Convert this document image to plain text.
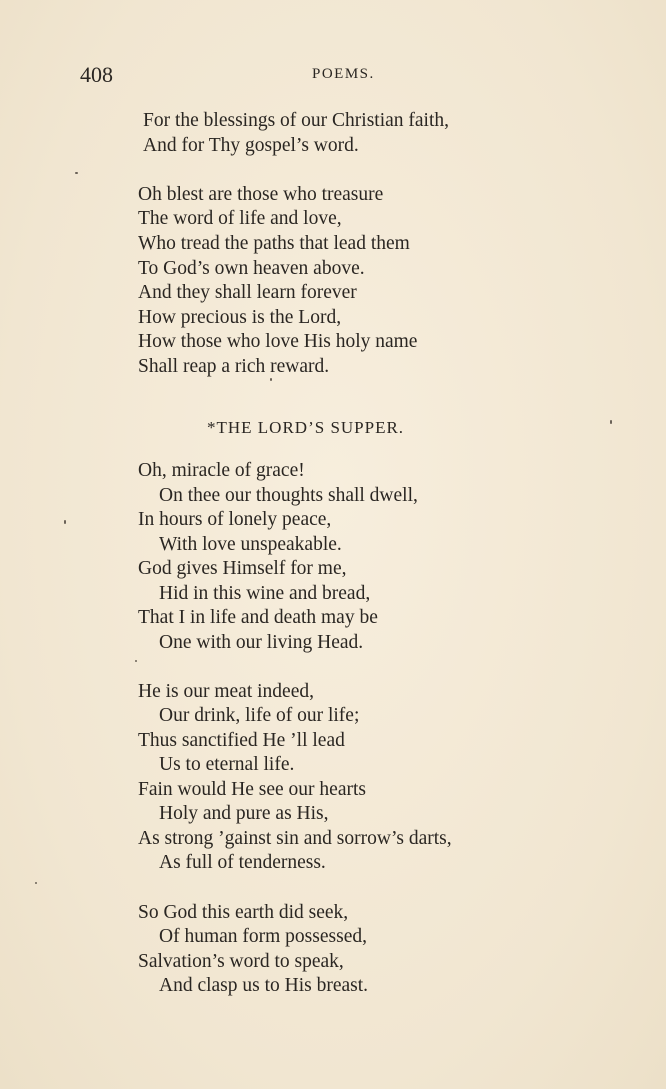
408	POEMS.
For the blessings of our Christian faith,
And for Thy gospel’s word.
Oh blest are those who treasure
The word of life and love,
Who tread the paths that lead them
To God’s own heaven above.
And they shall learn forever
How precious is the Lord,
How those who love His holy name
Shall reap a rich reward.
*THE LORD’S SUPPER.
Oh, miracle of grace!
On thee our thoughts shall dwell,
In hours of lonely peace,
With love unspeakable.
God gives Himself for me,
Hid in this wine and bread,
That I in life and death may be
One with our living Head.
He is our meat indeed,
Our drink, life of our life;
Thus sanctified He ’ll lead
Us to eternal life.
Fain would He see our hearts
Holy and pure as His,
As strong ’gainst sin and sorrow’s darts,
As full of tenderness.
So God this earth did seek,
Of human form possessed,
Salvation’s word to speak,
And clasp us to His breast.
